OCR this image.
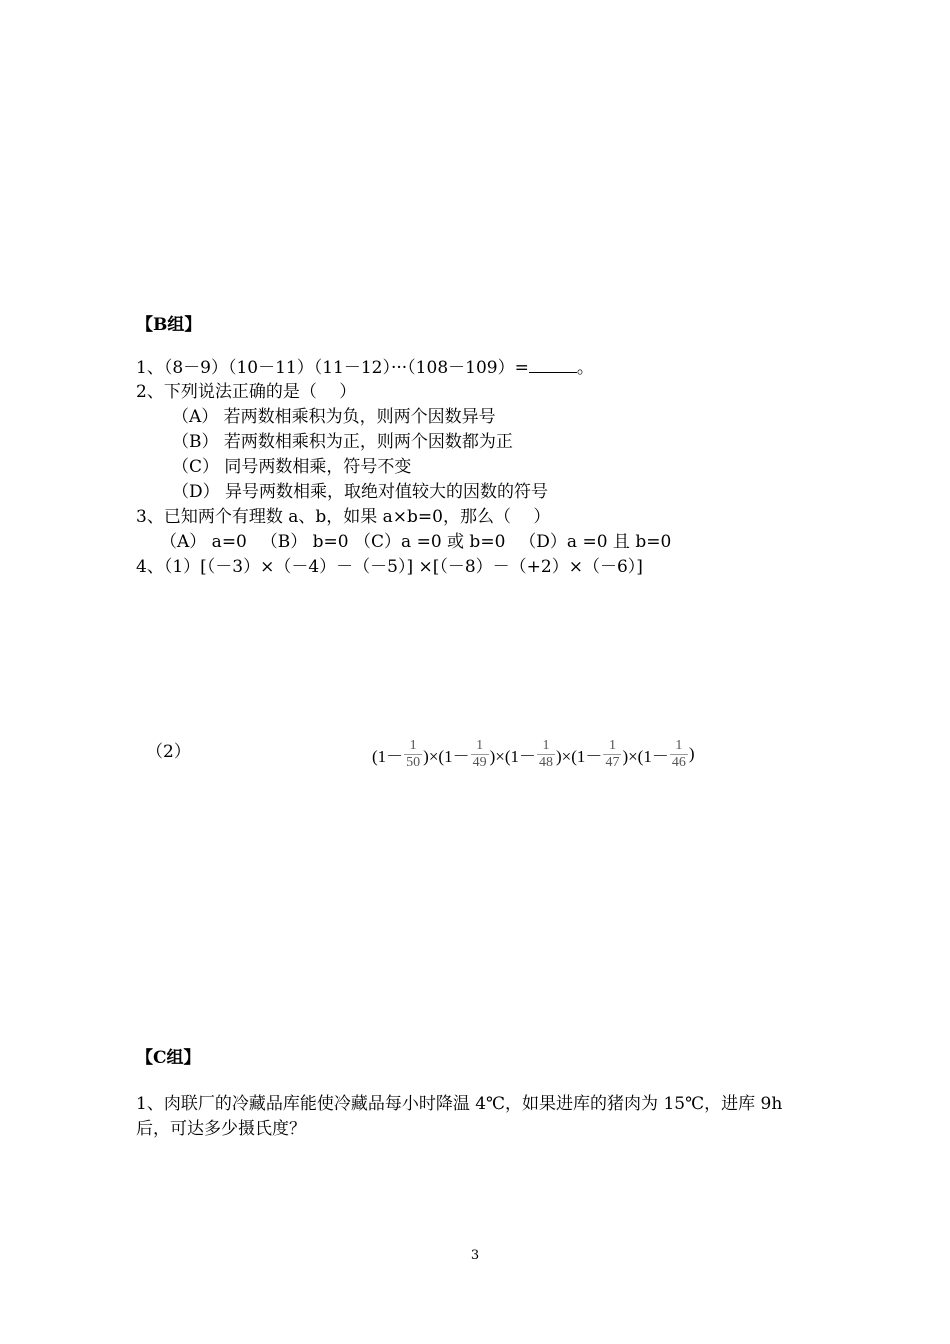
【B组】
1、（8－9）（10－11）（11－12）···（108－109）=	。
2、下列说法正确的是（　 ）
（A） 若两数相乘积为负，则两个因数异号
（B） 若两数相乘积为正，则两个因数都为正
（C） 同号两数相乘，符号不变
（D） 异号两数相乘，取绝对值较大的因数的符号
3、已知两个有理数 a、b，如果 a×b=0，那么（　 ）
（A） a=0 　（B） b=0 （C）a =0 或 b=0 　（D）a =0 且 b=0
4、（1）[（－3）×（－4）－（－5）] ×[（－8）－（+2）×（－6）]
（2）	$(1- \frac{1}{50} )\times(1- \frac{1}{49} )\times(1- \frac{1}{48} )\times(1- \frac{1}{47} )\times(1- \frac{1}{46}$ )
【C组】
1、肉联厂的冷藏品库能使冷藏品每小时降温 4℃，如果进库的猪肉为 15℃，进库 9h
后，可达多少摄氏度？
3
